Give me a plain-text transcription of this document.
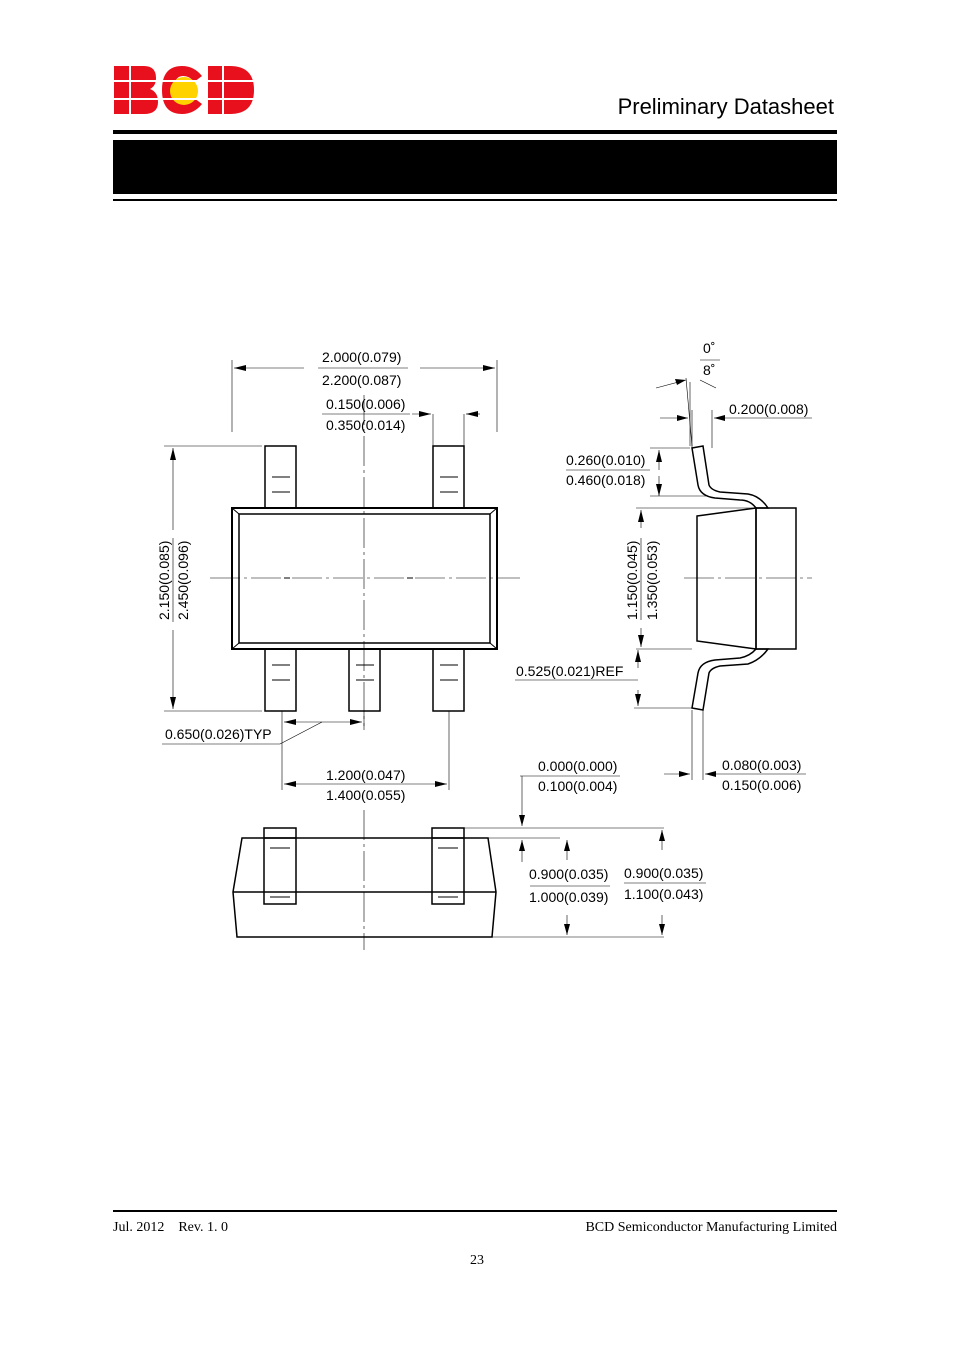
Preliminary Datasheet
2.000(0.079)
2.200(0.087)
0.150(0.006)
0.350(0.014)
2.150(0.085) 2.450(0.096)
0.650(0.026)TYP
1.200(0.047)
1.400(0.055)
0˚
8˚
0.200(0.008)
0.260(0.010)
0.460(0.018)
1.150(0.045) 1.350(0.053)
0.525(0.021)REF
0.000(0.000)
0.100(0.004)
0.080(0.003)
0.150(0.006)
0.900(0.035)
1.000(0.039)
0.900(0.035)
1.100(0.043)
Jul. 2012 Rev. 1. 0	BCD Semiconductor Manufacturing Limited
23
